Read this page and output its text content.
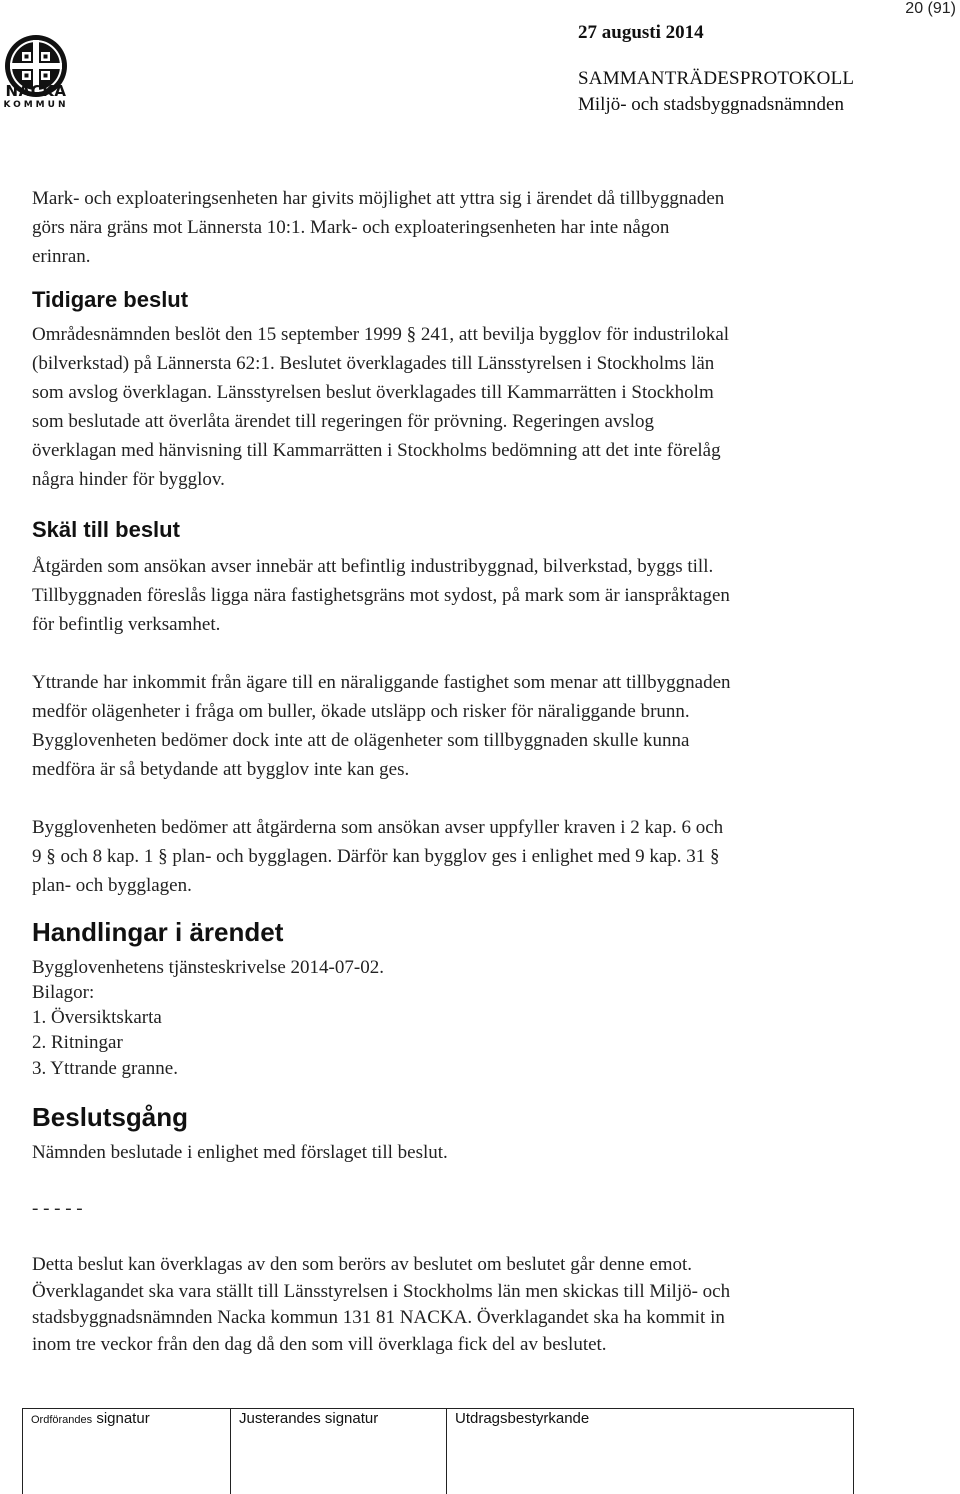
NACKA
KOMMUN
20 (91)
27 augusti 2014
SAMMANTRÄDESPROTOKOLL
Miljö- och stadsbyggnadsnämnden
Mark- och exploateringsenheten har givits möjlighet att yttra sig i ärendet då tillbyggnaden
görs nära gräns mot Lännersta 10:1. Mark- och exploateringsenheten har inte någon
erinran.
Tidigare beslut
Områdesnämnden beslöt den 15 september 1999 § 241, att bevilja bygglov för industrilokal
(bilverkstad) på Lännersta 62:1. Beslutet överklagades till Länsstyrelsen i Stockholms län
som avslog överklagan. Länsstyrelsen beslut överklagades till Kammarrätten i Stockholm
som beslutade att överlåta ärendet till regeringen för prövning. Regeringen avslog
överklagan med hänvisning till Kammarrätten i Stockholms bedömning att det inte förelåg
några hinder för bygglov.
Skäl till beslut
Åtgärden som ansökan avser innebär att befintlig industribyggnad, bilverkstad, byggs till.
Tillbyggnaden föreslås ligga nära fastighetsgräns mot sydost, på mark som är ianspråktagen
för befintlig verksamhet.
Yttrande har inkommit från ägare till en näraliggande fastighet som menar att tillbyggnaden
medför olägenheter i fråga om buller, ökade utsläpp och risker för näraliggande brunn.
Bygglovenheten bedömer dock inte att de olägenheter som tillbyggnaden skulle kunna
medföra är så betydande att bygglov inte kan ges.
Bygglovenheten bedömer att åtgärderna som ansökan avser uppfyller kraven i 2 kap. 6 och
9 § och 8 kap. 1 § plan- och bygglagen. Därför kan bygglov ges i enlighet med 9 kap. 31 §
plan- och bygglagen.
Handlingar i ärendet
Bygglovenhetens tjänsteskrivelse 2014-07-02.
Bilagor:
1. Översiktskarta
2. Ritningar
3. Yttrande granne.
Beslutsgång
Nämnden beslutade i enlighet med förslaget till beslut.
- - - - -
Detta beslut kan överklagas av den som berörs av beslutet om beslutet går denne emot.
Överklagandet ska vara ställt till Länsstyrelsen i Stockholms län men skickas till Miljö- och
stadsbyggnadsnämnden Nacka kommun 131 81 NACKA. Överklagandet ska ha kommit in
inom tre veckor från den dag då den som vill överklaga fick del av beslutet.
Ordförandes signatur	Justerandes signatur	Utdragsbestyrkande
